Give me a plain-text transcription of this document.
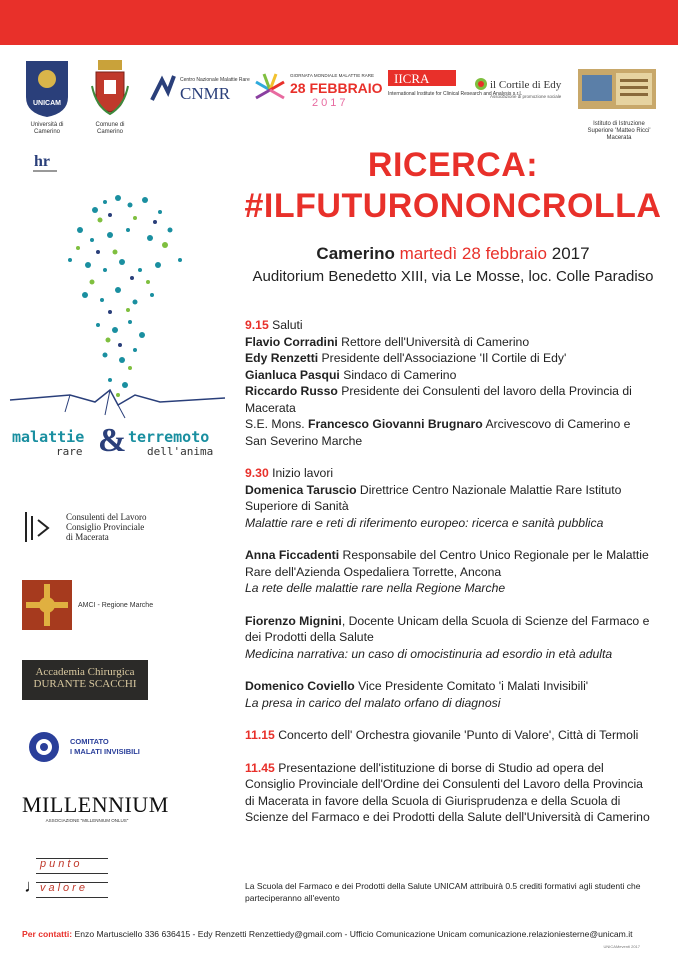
UNICAM
Università di Camerino
Comune di Camerino
Centro Nazionale Malattie Rare
CNMR
GIORNATA MONDIALE MALATTIE RARE
28 FEBBRAIO
2017
IICRA
International Institute for Clinical Research and Analysis s.r.l.
il Cortile di Edy
Associazione di promozione sociale
Istituto di Istruzione Superiore 'Matteo Ricci' Macerata
hr	RICERCA:
#ILFUTURONONCROLLA
Camerino martedì 28 febbraio 2017
Auditorium Benedetto XIII, via Le Mosse, loc. Colle Paradiso
malattie & terremoto
rare	dell'anima
Consulenti del Lavoro
Consiglio Provinciale
di Macerata
AMCI - Regione Marche
Accademia Chirurgica
DURANTE SCACCHI
COMITATO
I MALATI INVISIBILI
MILLENNIUM
ASSOCIAZIONE "MILLENNIUM ONLUS"
punto
valore
♩
9.15 Saluti
Flavio Corradini Rettore dell'Università di Camerino
Edy Renzetti Presidente dell'Associazione 'Il Cortile di Edy'
Gianluca Pasqui Sindaco di Camerino
Riccardo Russo Presidente dei Consulenti del lavoro della Provincia di Macerata
S.E. Mons. Francesco Giovanni Brugnaro Arcivescovo di Camerino e San Severino Marche
9.30 Inizio lavori
Domenica Taruscio Direttrice Centro Nazionale Malattie Rare Istituto Superiore di Sanità
Malattie rare e reti di riferimento europeo: ricerca e sanità pubblica
Anna Ficcadenti Responsabile del Centro Unico Regionale per le Malattie Rare dell'Azienda Ospedaliera Torrette, Ancona
La rete delle malattie rare nella Regione Marche
Fiorenzo Mignini, Docente Unicam della Scuola di Scienze del Farmaco e dei Prodotti della Salute
Medicina narrativa: un caso di omocistinuria ad esordio in età adulta
Domenico Coviello Vice Presidente Comitato 'i Malati Invisibili'
La presa in carico del malato orfano di diagnosi
11.15 Concerto dell' Orchestra giovanile 'Punto di Valore', Città di Termoli
11.45 Presentazione dell'istituzione di borse di Studio ad opera del Consiglio Provinciale dell'Ordine dei Consulenti del Lavoro della Provincia di Macerata in favore della Scuola di Giurisprudenza e della Scuola di Scienze del Farmaco e dei Prodotti della Salute dell'Università di Camerino
La Scuola del Farmaco e dei Prodotti della Salute UNICAM attribuirà 0.5 crediti formativi agli studenti che parteciperanno all'evento
Per contatti: Enzo Martusciello 336 636415 - Edy Renzetti Renzettiedy@gmail.com - Ufficio Comunicazione Unicam comunicazione.relazioniesterne@unicam.it
UNICAMeventi 2017
